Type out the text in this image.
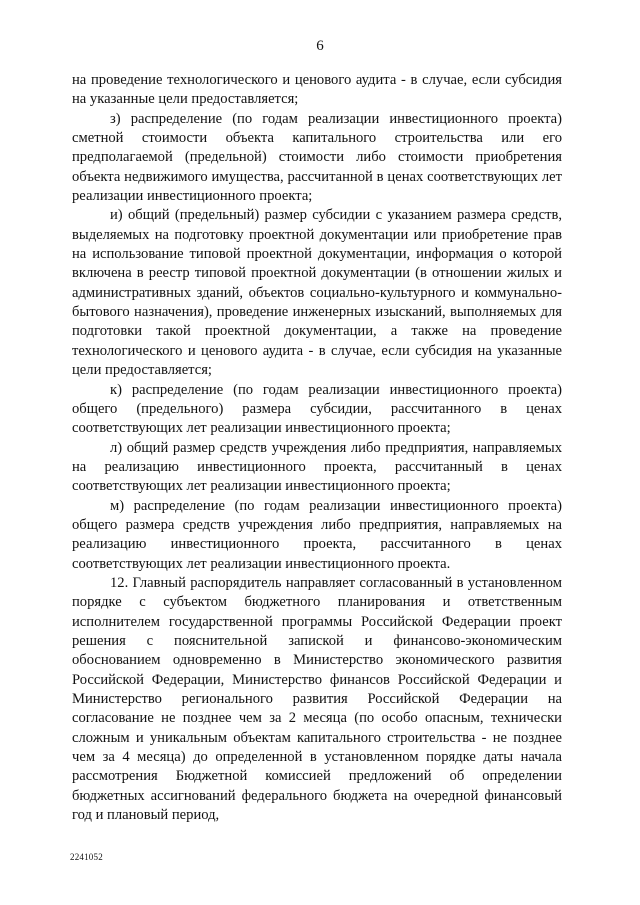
6

на проведение технологического и ценового аудита - в случае, если субсидия на указанные цели предоставляется;

з) распределение (по годам реализации инвестиционного проекта) сметной стоимости объекта капитального строительства или его предполагаемой (предельной) стоимости либо стоимости приобретения объекта недвижимого имущества, рассчитанной в ценах соответствующих лет реализации инвестиционного проекта;

и) общий (предельный) размер субсидии с указанием размера средств, выделяемых на подготовку проектной документации или приобретение прав на использование типовой проектной документации, информация о которой включена в реестр типовой проектной документации (в отношении жилых и административных зданий, объектов социально-культурного и коммунально-бытового назначения), проведение инженерных изысканий, выполняемых для подготовки такой проектной документации, а также на проведение технологического и ценового аудита - в случае, если субсидия на указанные цели предоставляется;

к) распределение (по годам реализации инвестиционного проекта) общего (предельного) размера субсидии, рассчитанного в ценах соответствующих лет реализации инвестиционного проекта;

л) общий размер средств учреждения либо предприятия, направляемых на реализацию инвестиционного проекта, рассчитанный в ценах соответствующих лет реализации инвестиционного проекта;

м) распределение (по годам реализации инвестиционного проекта) общего размера средств учреждения либо предприятия, направляемых на реализацию инвестиционного проекта, рассчитанного в ценах соответствующих лет реализации инвестиционного проекта.

12. Главный распорядитель направляет согласованный в установленном порядке с субъектом бюджетного планирования и ответственным исполнителем государственной программы Российской Федерации проект решения с пояснительной запиской и финансово-экономическим обоснованием одновременно в Министерство экономического развития Российской Федерации, Министерство финансов Российской Федерации и Министерство регионального развития Российской Федерации на согласование не позднее чем за 2 месяца (по особо опасным, технически сложным и уникальным объектам капитального строительства - не позднее чем за 4 месяца) до определенной в установленном порядке даты начала рассмотрения Бюджетной комиссией предложений об определении бюджетных ассигнований федерального бюджета на очередной финансовый год и плановый период,

2241052
